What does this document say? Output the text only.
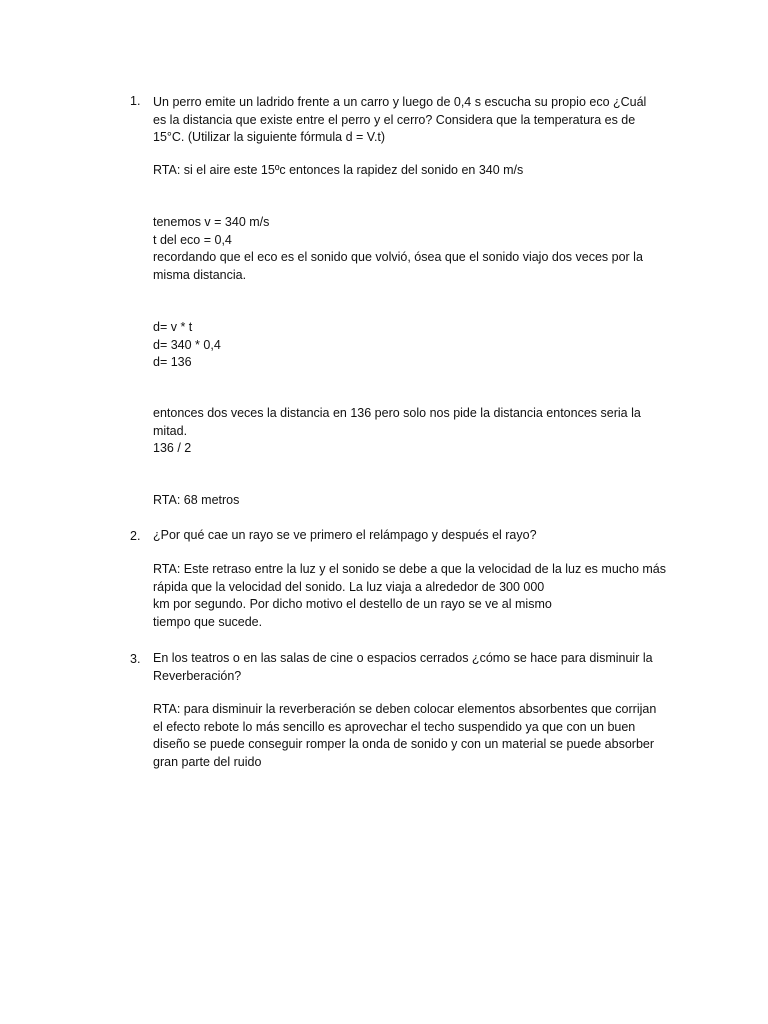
1. Un perro emite un ladrido frente a un carro y luego de 0,4 s escucha su propio eco ¿Cuál
es la distancia que existe entre el perro y el cerro? Considera que la temperatura es de
15°C. (Utilizar la siguiente fórmula d = V.t)

RTA: si el aire este 15ºc entonces la rapidez del sonido en 340 m/s

tenemos v = 340 m/s
t del eco = 0,4
recordando que el eco es el sonido que volvió, ósea que el sonido viajo dos veces por la
misma distancia.

d= v * t
d= 340 * 0,4
d= 136

entonces dos veces la distancia en 136 pero solo nos pide la distancia entonces seria la
mitad.
136 / 2

RTA: 68 metros

2. ¿Por qué cae un rayo se ve primero el relámpago y después el rayo?

RTA: Este retraso entre la luz y el sonido se debe a que la velocidad de la luz es mucho más
rápida que la velocidad del sonido. La luz viaja a alrededor de 300 000
km por segundo. Por dicho motivo el destello de un rayo se ve al mismo
tiempo que sucede.

3. En los teatros o en las salas de cine o espacios cerrados ¿cómo se hace para disminuir la
Reverberación?

RTA: para disminuir la reverberación se deben colocar elementos absorbentes que corrijan
el efecto rebote lo más sencillo es aprovechar el techo suspendido ya que con un buen
diseño se puede conseguir romper la onda de sonido y con un material se puede absorber
gran parte del ruido
